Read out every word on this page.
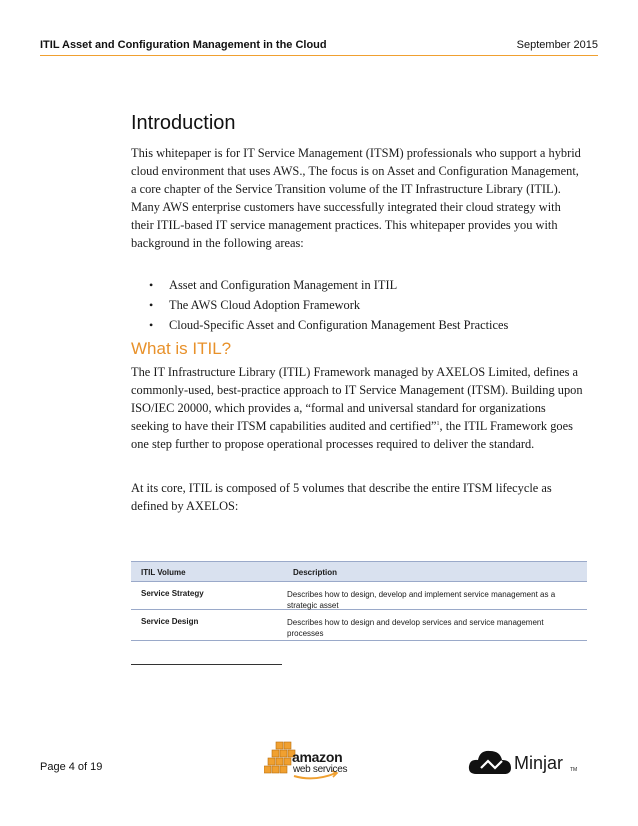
ITIL Asset and Configuration Management in the Cloud	September 2015
Introduction

This whitepaper is for IT Service Management (ITSM) professionals who support a hybrid cloud environment that uses AWS., The focus is on Asset and Configuration Management, a core chapter of the Service Transition volume of the IT Infrastructure Library (ITIL). Many AWS enterprise customers have successfully integrated their cloud strategy with their ITIL-based IT service management practices. This whitepaper provides you with background in the following areas:

• Asset and Configuration Management in ITIL
• The AWS Cloud Adoption Framework
• Cloud-Specific Asset and Configuration Management Best Practices
What is ITIL?

The IT Infrastructure Library (ITIL) Framework managed by AXELOS Limited, defines a commonly-used, best-practice approach to IT Service Management (ITSM). Building upon ISO/IEC 20000, which provides a, “formal and universal standard for organizations seeking to have their ITSM capabilities audited and certified”$^1$, the ITIL Framework goes one step further to propose operational processes required to deliver the standard.

At its core, ITIL is composed of 5 volumes that describe the entire ITSM lifecycle as defined by AXELOS:

ITIL Volume	Description
Service Strategy	Describes how to design, develop and implement service management as a strategic asset
Service Design	Describes how to design and develop services and service management processes
Page 4 of 19
amazon
web services	Minjar TM
